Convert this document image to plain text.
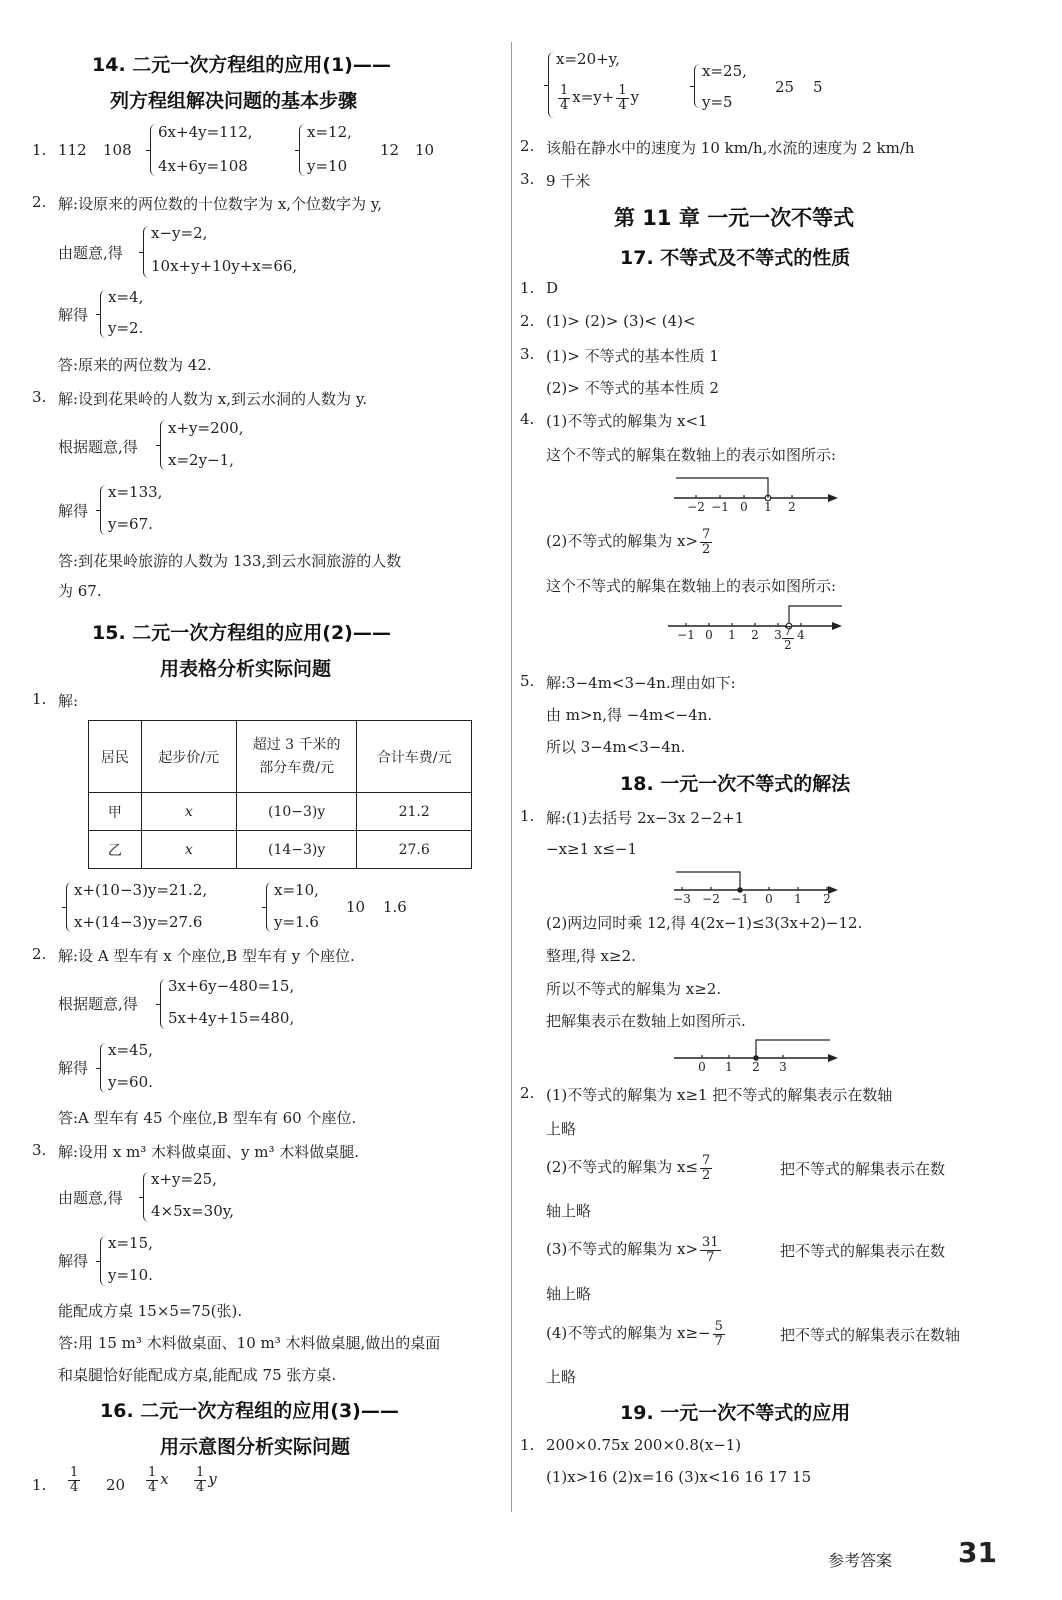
14. 二元一次方程组的应用(1)——
列方程组解决问题的基本步骤
1. 112 108
6x+4y=112,
4x+6y=108
x=12,
y=10
12 10
2. 解:设原来的两位数的十位数字为 x,个位数字为 y,
由题意,得
x−y=2,
10x+y+10y+x=66,
解得
x=4,
y=2.
答:原来的两位数为 42.
3. 解:设到花果岭的人数为 x,到云水洞的人数为 y.
根据题意,得
x+y=200,
x=2y−1,
解得
x=133,
y=67.
答:到花果岭旅游的人数为 133,到云水洞旅游的人数
为 67.
15. 二元一次方程组的应用(2)——
用表格分析实际问题
1. 解:
居民	起步价/元	超过 3 千米的
部分车费/元	合计车费/元
甲	x	(10−3)y	21.2
乙	x	(14−3)y	27.6
x+(10−3)y=21.2,
x+(14−3)y=27.6
x=10,
y=1.6
10 1.6
2. 解:设 A 型车有 x 个座位,B 型车有 y 个座位.
根据题意,得
3x+6y−480=15,
5x+4y+15=480,
解得
x=45,
y=60.
答:A 型车有 45 个座位,B 型车有 60 个座位.
3. 解:设用 x m³ 木料做桌面、y m³ 木料做桌腿.
由题意,得
x+y=25,
4×5x=30y,
解得
x=15,
y=10.
能配成方桌 15×5=75(张).
答:用 15 m³ 木料做桌面、10 m³ 木料做桌腿,做出的桌面
和桌腿恰好能配成方桌,能配成 75 张方桌.
16. 二元一次方程组的应用(3)——
用示意图分析实际问题
1. $\frac{1}{4} 20 \frac{1}{4}$ x $\frac{1}{4}$ y
x=20+y,
$\frac{1}{4} x=y+ \frac{1}{4}$ y
x=25,
y=5
25 5
2. 该船在静水中的速度为 10 km/h,水流的速度为 2 km/h
3. 9 千米
第 11 章 一元一次不等式
17. 不等式及不等式的性质
1. D
2. (1)> (2)> (3)< (4)<
3. (1)> 不等式的基本性质 1
(2)> 不等式的基本性质 2
4. (1)不等式的解集为 x<1
这个不等式的解集在数轴上的表示如图所示:
−2 −1 0 1 2
(2)不等式的解集为 $x> \frac{7}{2}$
这个不等式的解集在数轴上的表示如图所示:
−1 0 1 2 3 4
$\frac{7}{2}$
5. 解:3−4m<3−4n.理由如下:
由 m>n,得 −4m<−4n.
所以 3−4m<3−4n.
18. 一元一次不等式的解法
1. 解:(1)去括号 2x−3x 2−2+1
−x≥1 x≤−1
−3 −2 −1 0 1 2
(2)两边同时乘 12,得 4(2x−1)≤3(3x+2)−12.
整理,得 x≥2.
所以不等式的解集为 x≥2.
把解集表示在数轴上如图所示.
0 1 2 3
2. (1)不等式的解集为 x≥1 把不等式的解集表示在数轴
上略
(2)不等式的解集为 $x\le \frac{7}{2}$	把不等式的解集表示在数
轴上略
(3)不等式的解集为 $x> \frac{31}{7}$	把不等式的解集表示在数
轴上略
(4)不等式的解集为 $x\ge- \frac{5}{7}$	把不等式的解集表示在数轴
上略
19. 一元一次不等式的应用
1. 200×0.75x 200×0.8(x−1)
(1)x>16 (2)x=16 (3)x<16 16 17 15
参考答案 31
